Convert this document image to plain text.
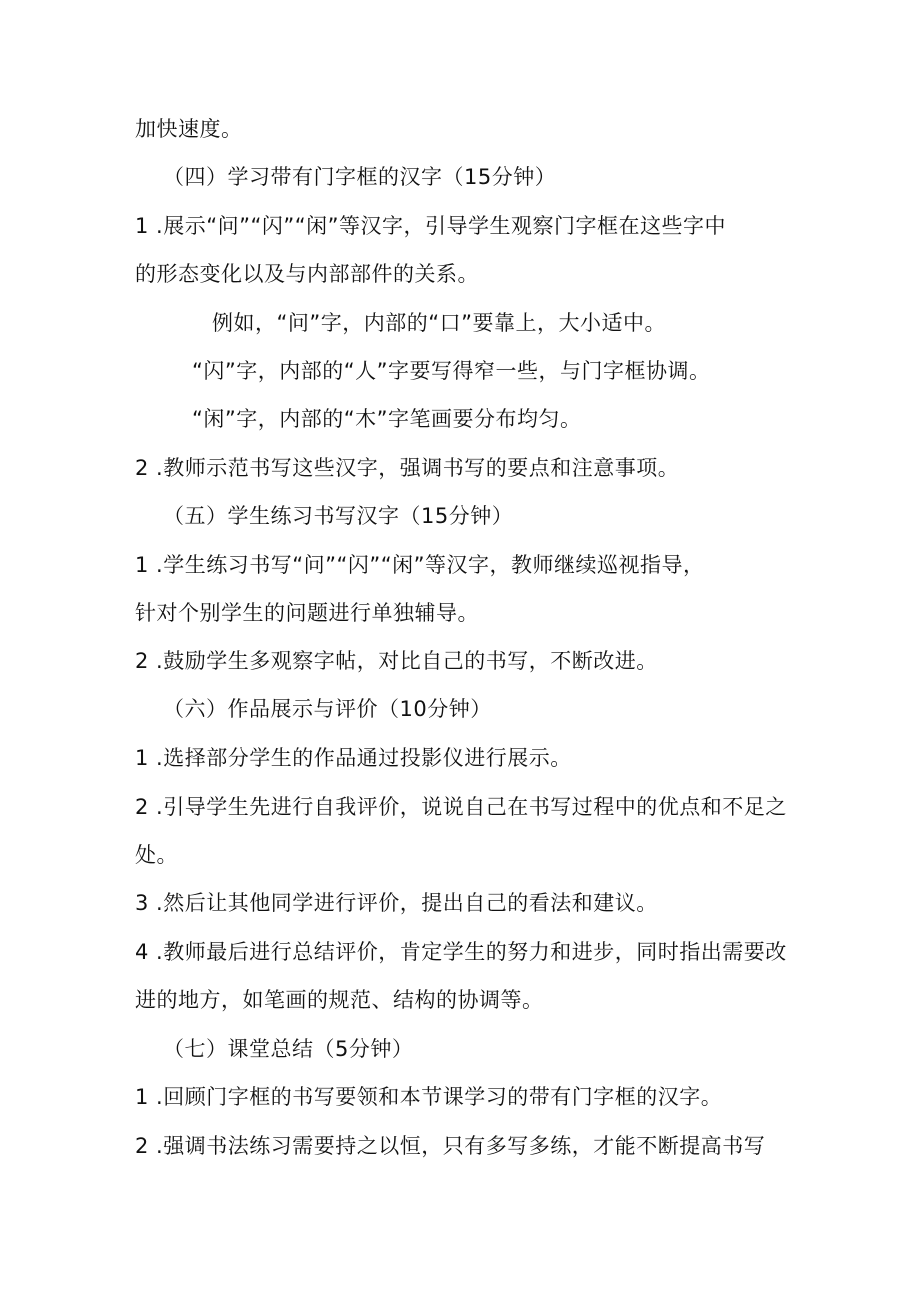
加快速度。
（四）学习带有门字框的汉字（15分钟）
1 .展示“问”“闪”“闲”等汉字，引导学生观察门字框在这些字中
的形态变化以及与内部部件的关系。
例如，“问”字，内部的“口”要靠上，大小适中。
“闪”字，内部的“人”字要写得窄一些，与门字框协调。
“闲”字，内部的“木”字笔画要分布均匀。
2 .教师示范书写这些汉字，强调书写的要点和注意事项。
（五）学生练习书写汉字（15分钟）
1 .学生练习书写“问”“闪”“闲”等汉字，教师继续巡视指导，
针对个别学生的问题进行单独辅导。
2 .鼓励学生多观察字帖，对比自己的书写，不断改进。
（六）作品展示与评价（10分钟）
1 .选择部分学生的作品通过投影仪进行展示。
2 .引导学生先进行自我评价，说说自己在书写过程中的优点和不足之
处。
3 .然后让其他同学进行评价，提出自己的看法和建议。
4 .教师最后进行总结评价，肯定学生的努力和进步，同时指出需要改
进的地方，如笔画的规范、结构的协调等。
（七）课堂总结（5分钟）
1 .回顾门字框的书写要领和本节课学习的带有门字框的汉字。
2 .强调书法练习需要持之以恒，只有多写多练，才能不断提高书写
